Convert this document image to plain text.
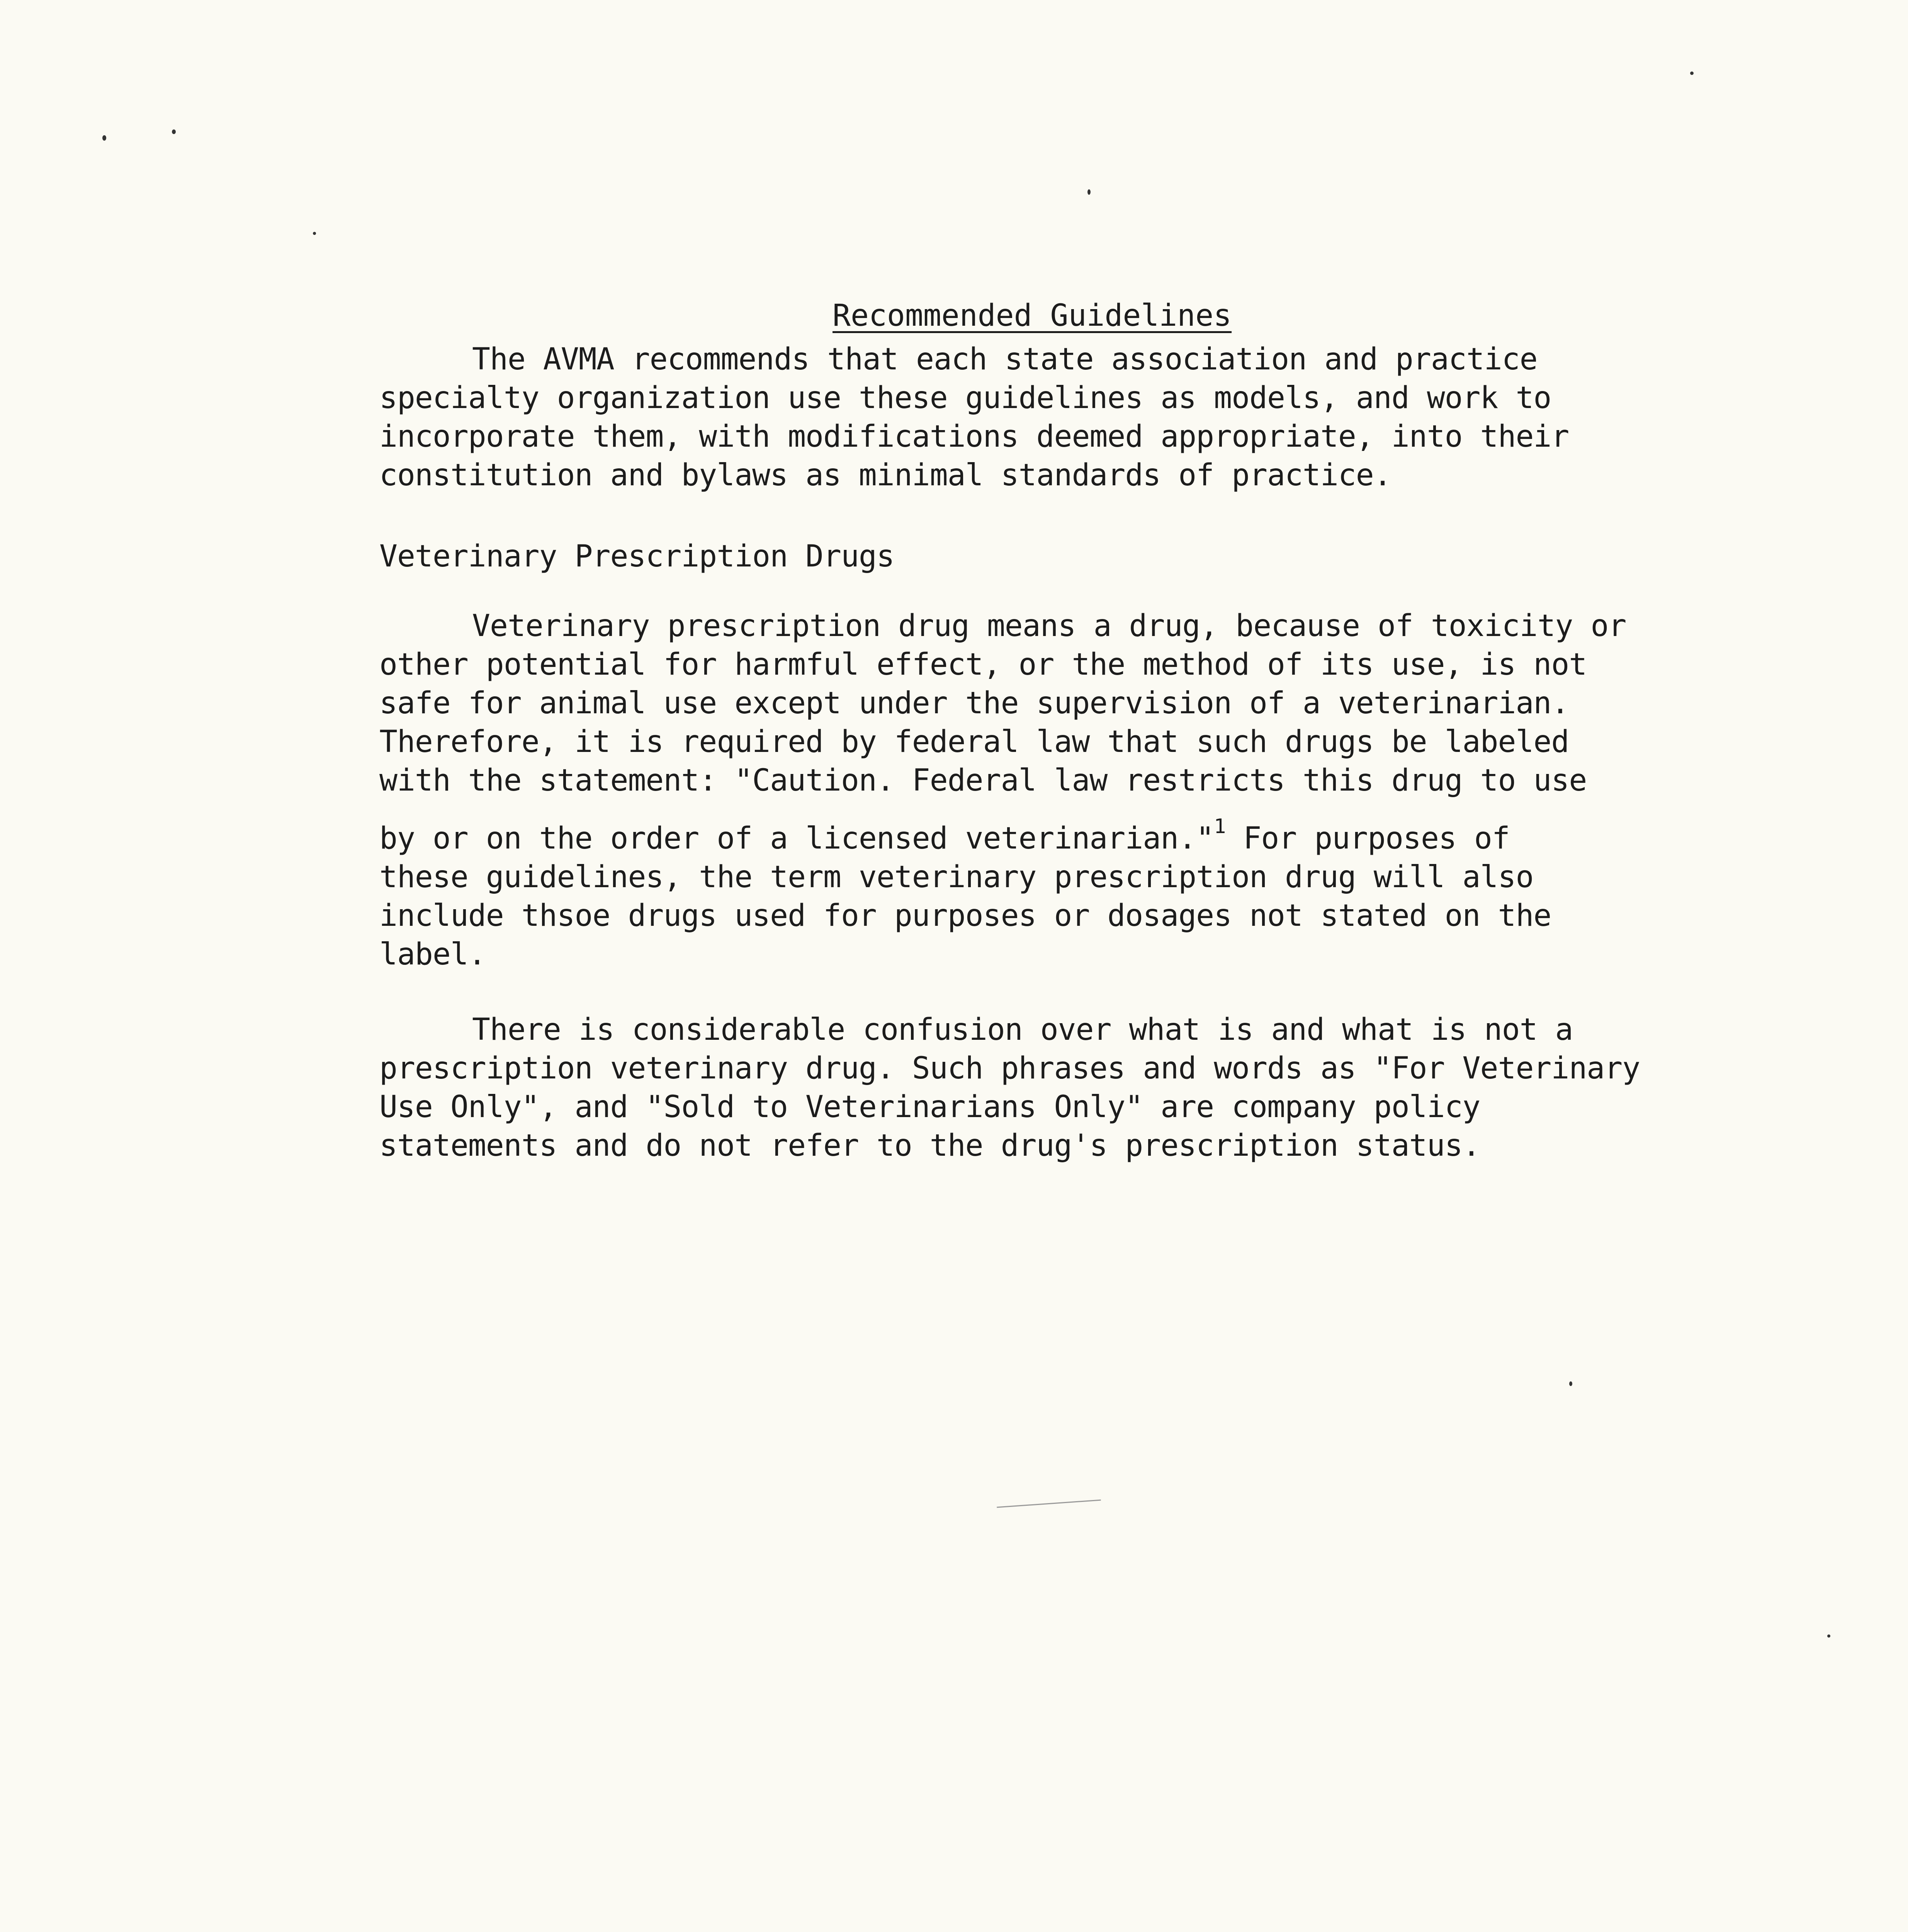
Recommended Guidelines
The AVMA recommends that each state association and practice
specialty organization use these guidelines as models, and work to
incorporate them, with modifications deemed appropriate, into their
constitution and bylaws as minimal standards of practice.
Veterinary Prescription Drugs
Veterinary prescription drug means a drug, because of toxicity or
other potential for harmful effect, or the method of its use, is not
safe for animal use except under the supervision of a veterinarian.
Therefore, it is required by federal law that such drugs be labeled
with the statement: "Caution. Federal law restricts this drug to use
by or on the order of a licensed veterinarian."$^1$ For purposes of
these guidelines, the term veterinary prescription drug will also
include thsoe drugs used for purposes or dosages not stated on the
label.
There is considerable confusion over what is and what is not a
prescription veterinary drug. Such phrases and words as "For Veterinary
Use Only", and "Sold to Veterinarians Only" are company policy
statements and do not refer to the drug's prescription status.
